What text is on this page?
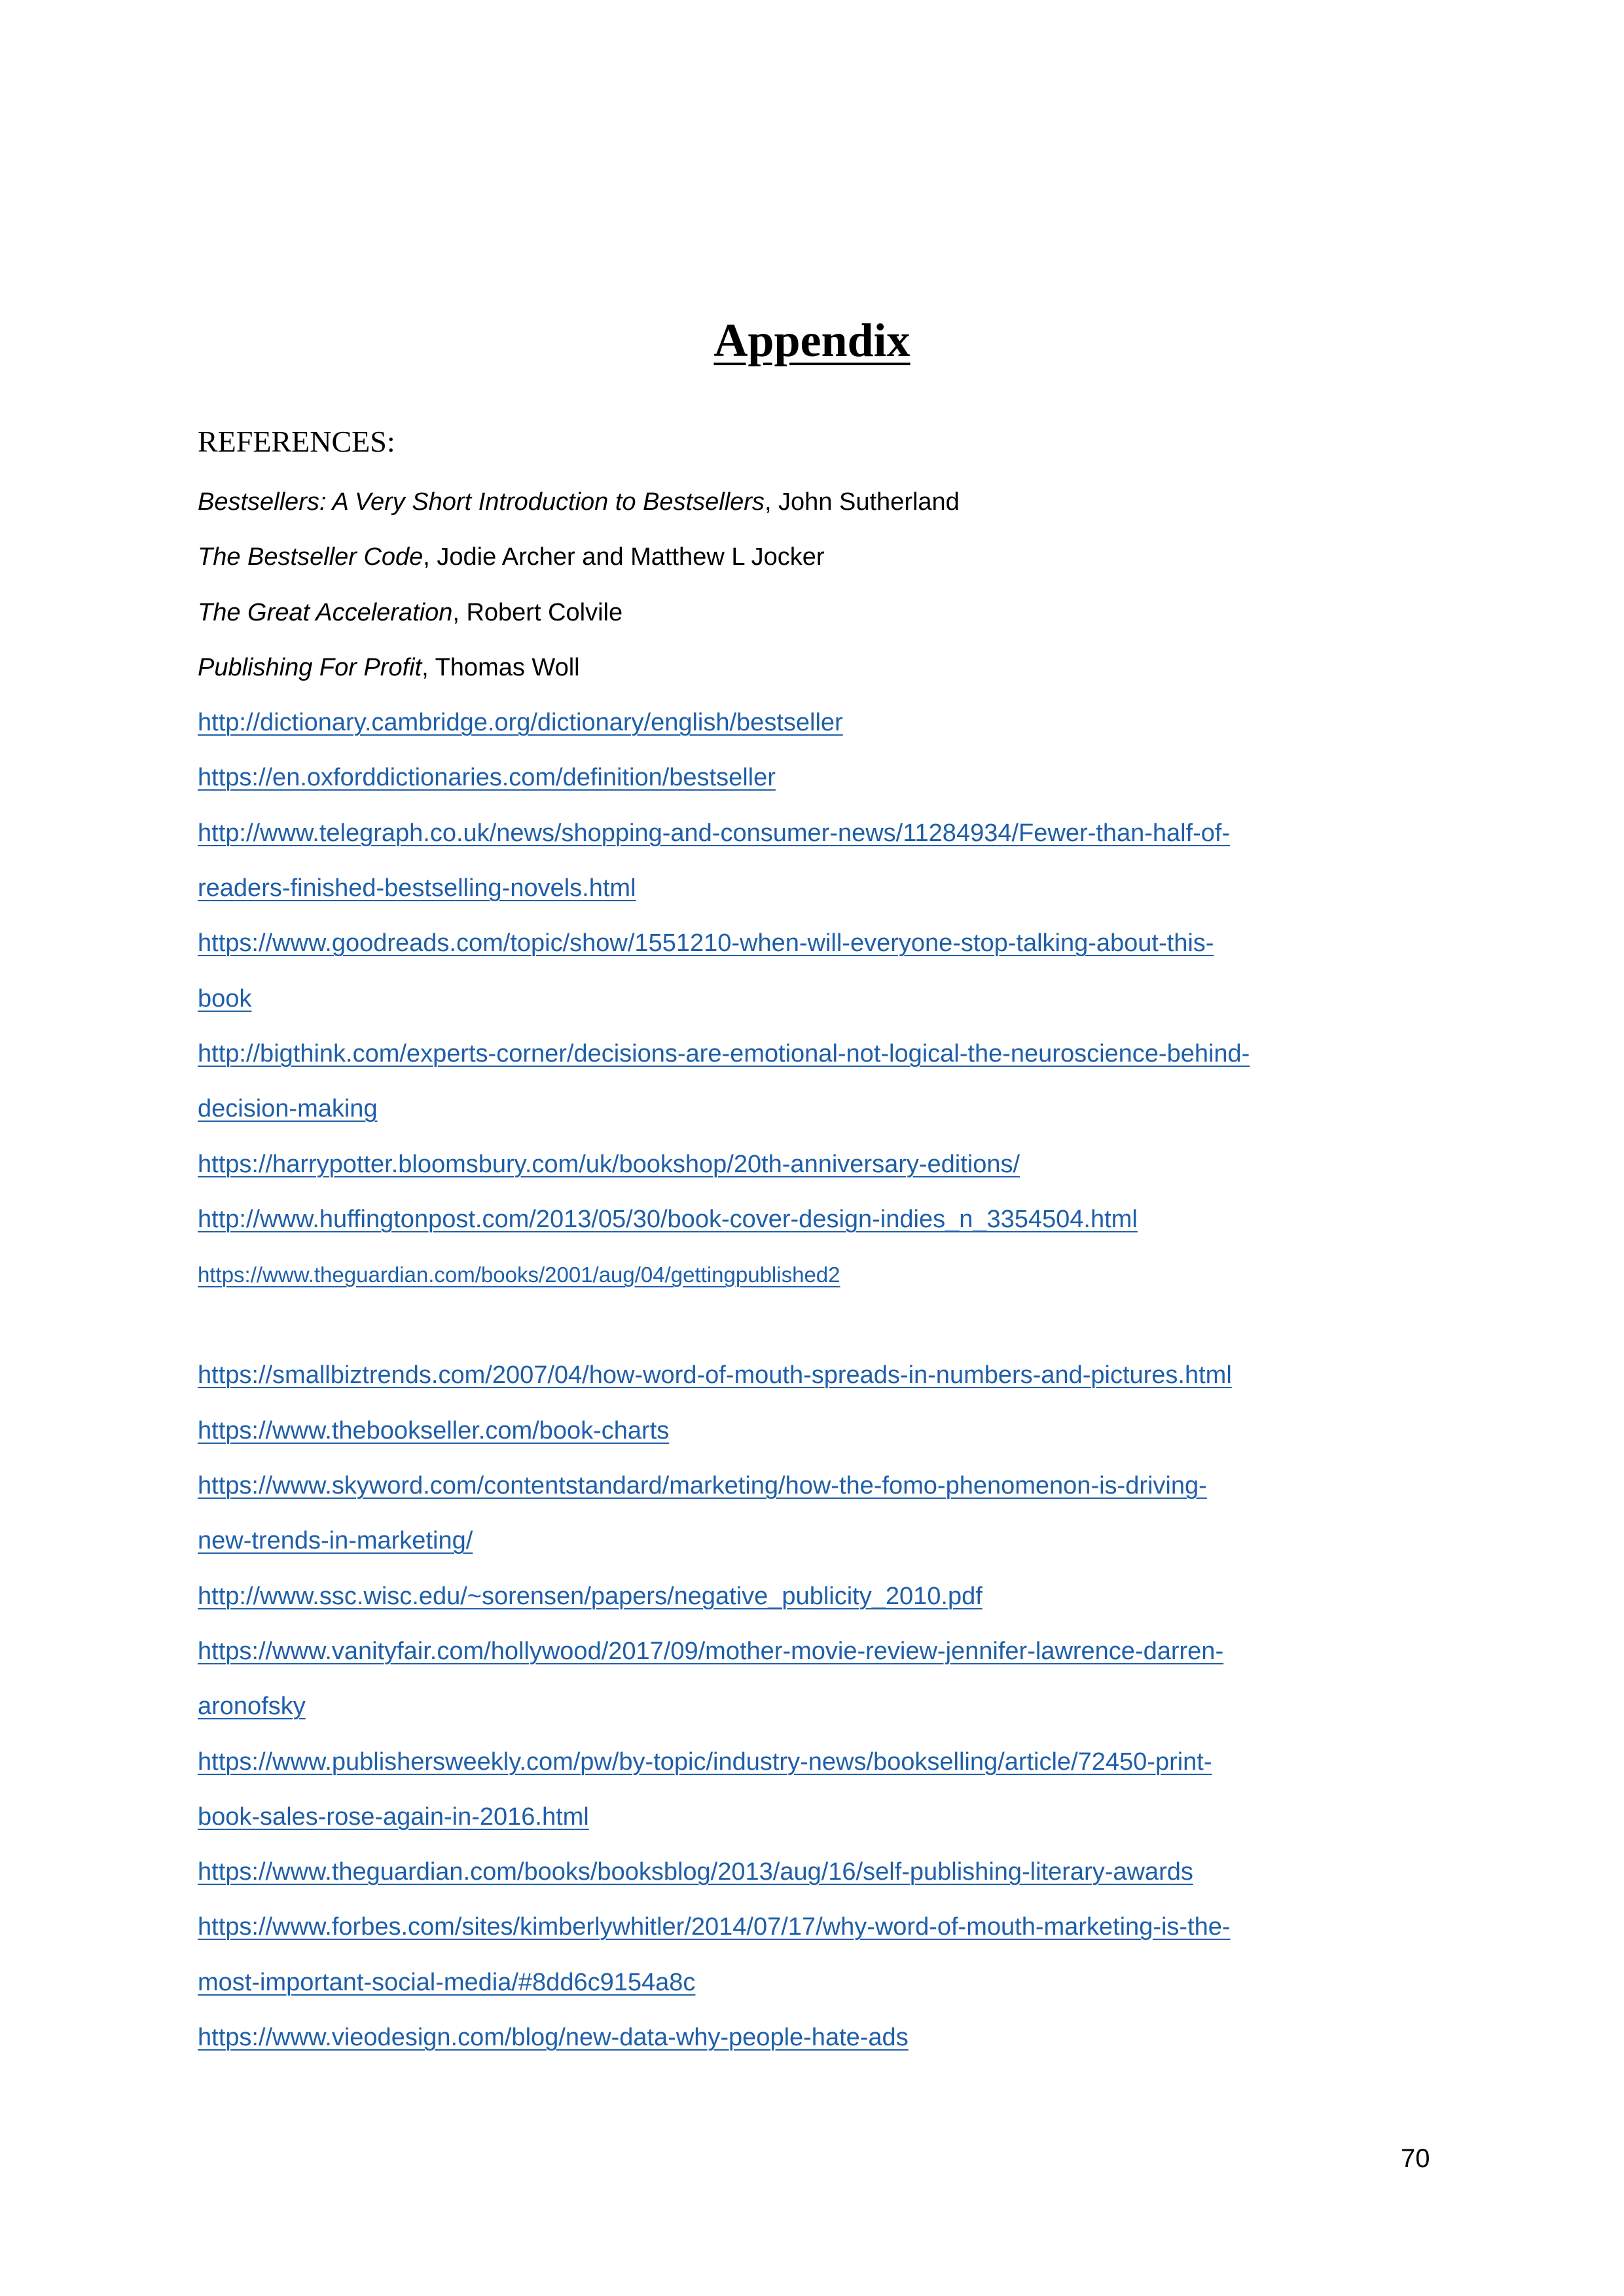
Appendix
REFERENCES:
Bestsellers: A Very Short Introduction to Bestsellers, John Sutherland
The Bestseller Code, Jodie Archer and Matthew L Jocker
The Great Acceleration, Robert Colvile
Publishing For Profit, Thomas Woll
http://dictionary.cambridge.org/dictionary/english/bestseller
https://en.oxforddictionaries.com/definition/bestseller
http://www.telegraph.co.uk/news/shopping-and-consumer-news/11284934/Fewer-than-half-of-
readers-finished-bestselling-novels.html
https://www.goodreads.com/topic/show/1551210-when-will-everyone-stop-talking-about-this-
book
http://bigthink.com/experts-corner/decisions-are-emotional-not-logical-the-neuroscience-behind-
decision-making
https://harrypotter.bloomsbury.com/uk/bookshop/20th-anniversary-editions/
http://www.huffingtonpost.com/2013/05/30/book-cover-design-indies_n_3354504.html
https://www.theguardian.com/books/2001/aug/04/gettingpublished2
https://smallbiztrends.com/2007/04/how-word-of-mouth-spreads-in-numbers-and-pictures.html
https://www.thebookseller.com/book-charts
https://www.skyword.com/contentstandard/marketing/how-the-fomo-phenomenon-is-driving-
new-trends-in-marketing/
http://www.ssc.wisc.edu/~sorensen/papers/negative_publicity_2010.pdf
https://www.vanityfair.com/hollywood/2017/09/mother-movie-review-jennifer-lawrence-darren-
aronofsky
https://www.publishersweekly.com/pw/by-topic/industry-news/bookselling/article/72450-print-
book-sales-rose-again-in-2016.html
https://www.theguardian.com/books/booksblog/2013/aug/16/self-publishing-literary-awards
https://www.forbes.com/sites/kimberlywhitler/2014/07/17/why-word-of-mouth-marketing-is-the-
most-important-social-media/#8dd6c9154a8c
https://www.vieodesign.com/blog/new-data-why-people-hate-ads
70
